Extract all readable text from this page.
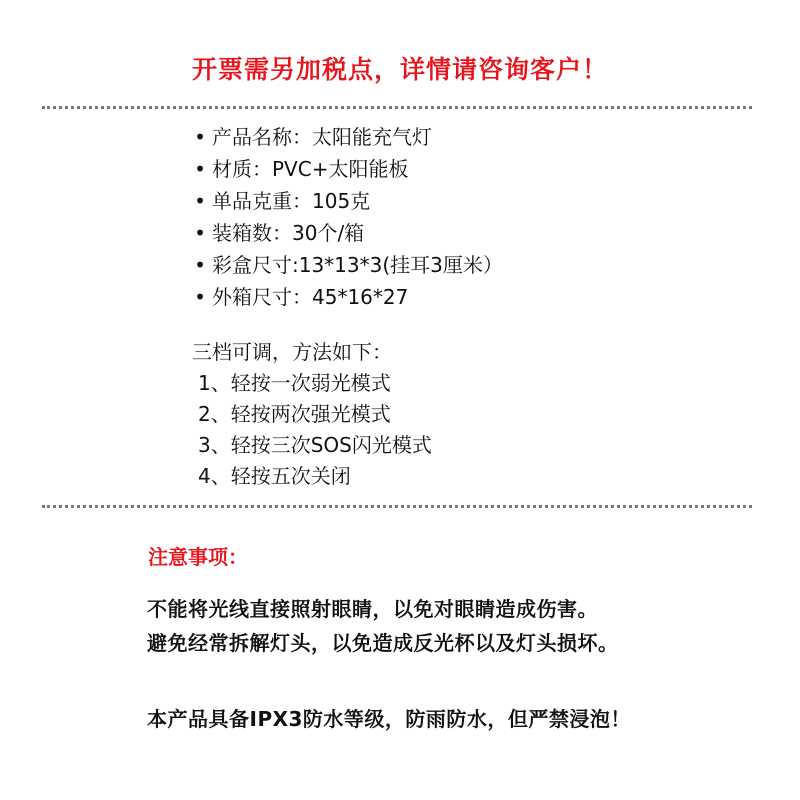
开票需另加税点，详情请咨询客户！
• 产品名称：太阳能充气灯
• 材质：PVC+太阳能板
• 单品克重：105克
• 装箱数：30个/箱
• 彩盒尺寸:13*13*3(挂耳3厘米）
• 外箱尺寸：45*16*27
三档可调，方法如下：
1、轻按一次弱光模式
2、轻按两次强光模式
3、轻按三次SOS闪光模式
4、轻按五次关闭
注意事项：
不能将光线直接照射眼睛，以免对眼睛造成伤害。
避免经常拆解灯头，以免造成反光杯以及灯头损坏。
本产品具备IPX3防水等级，防雨防水，但严禁浸泡！
